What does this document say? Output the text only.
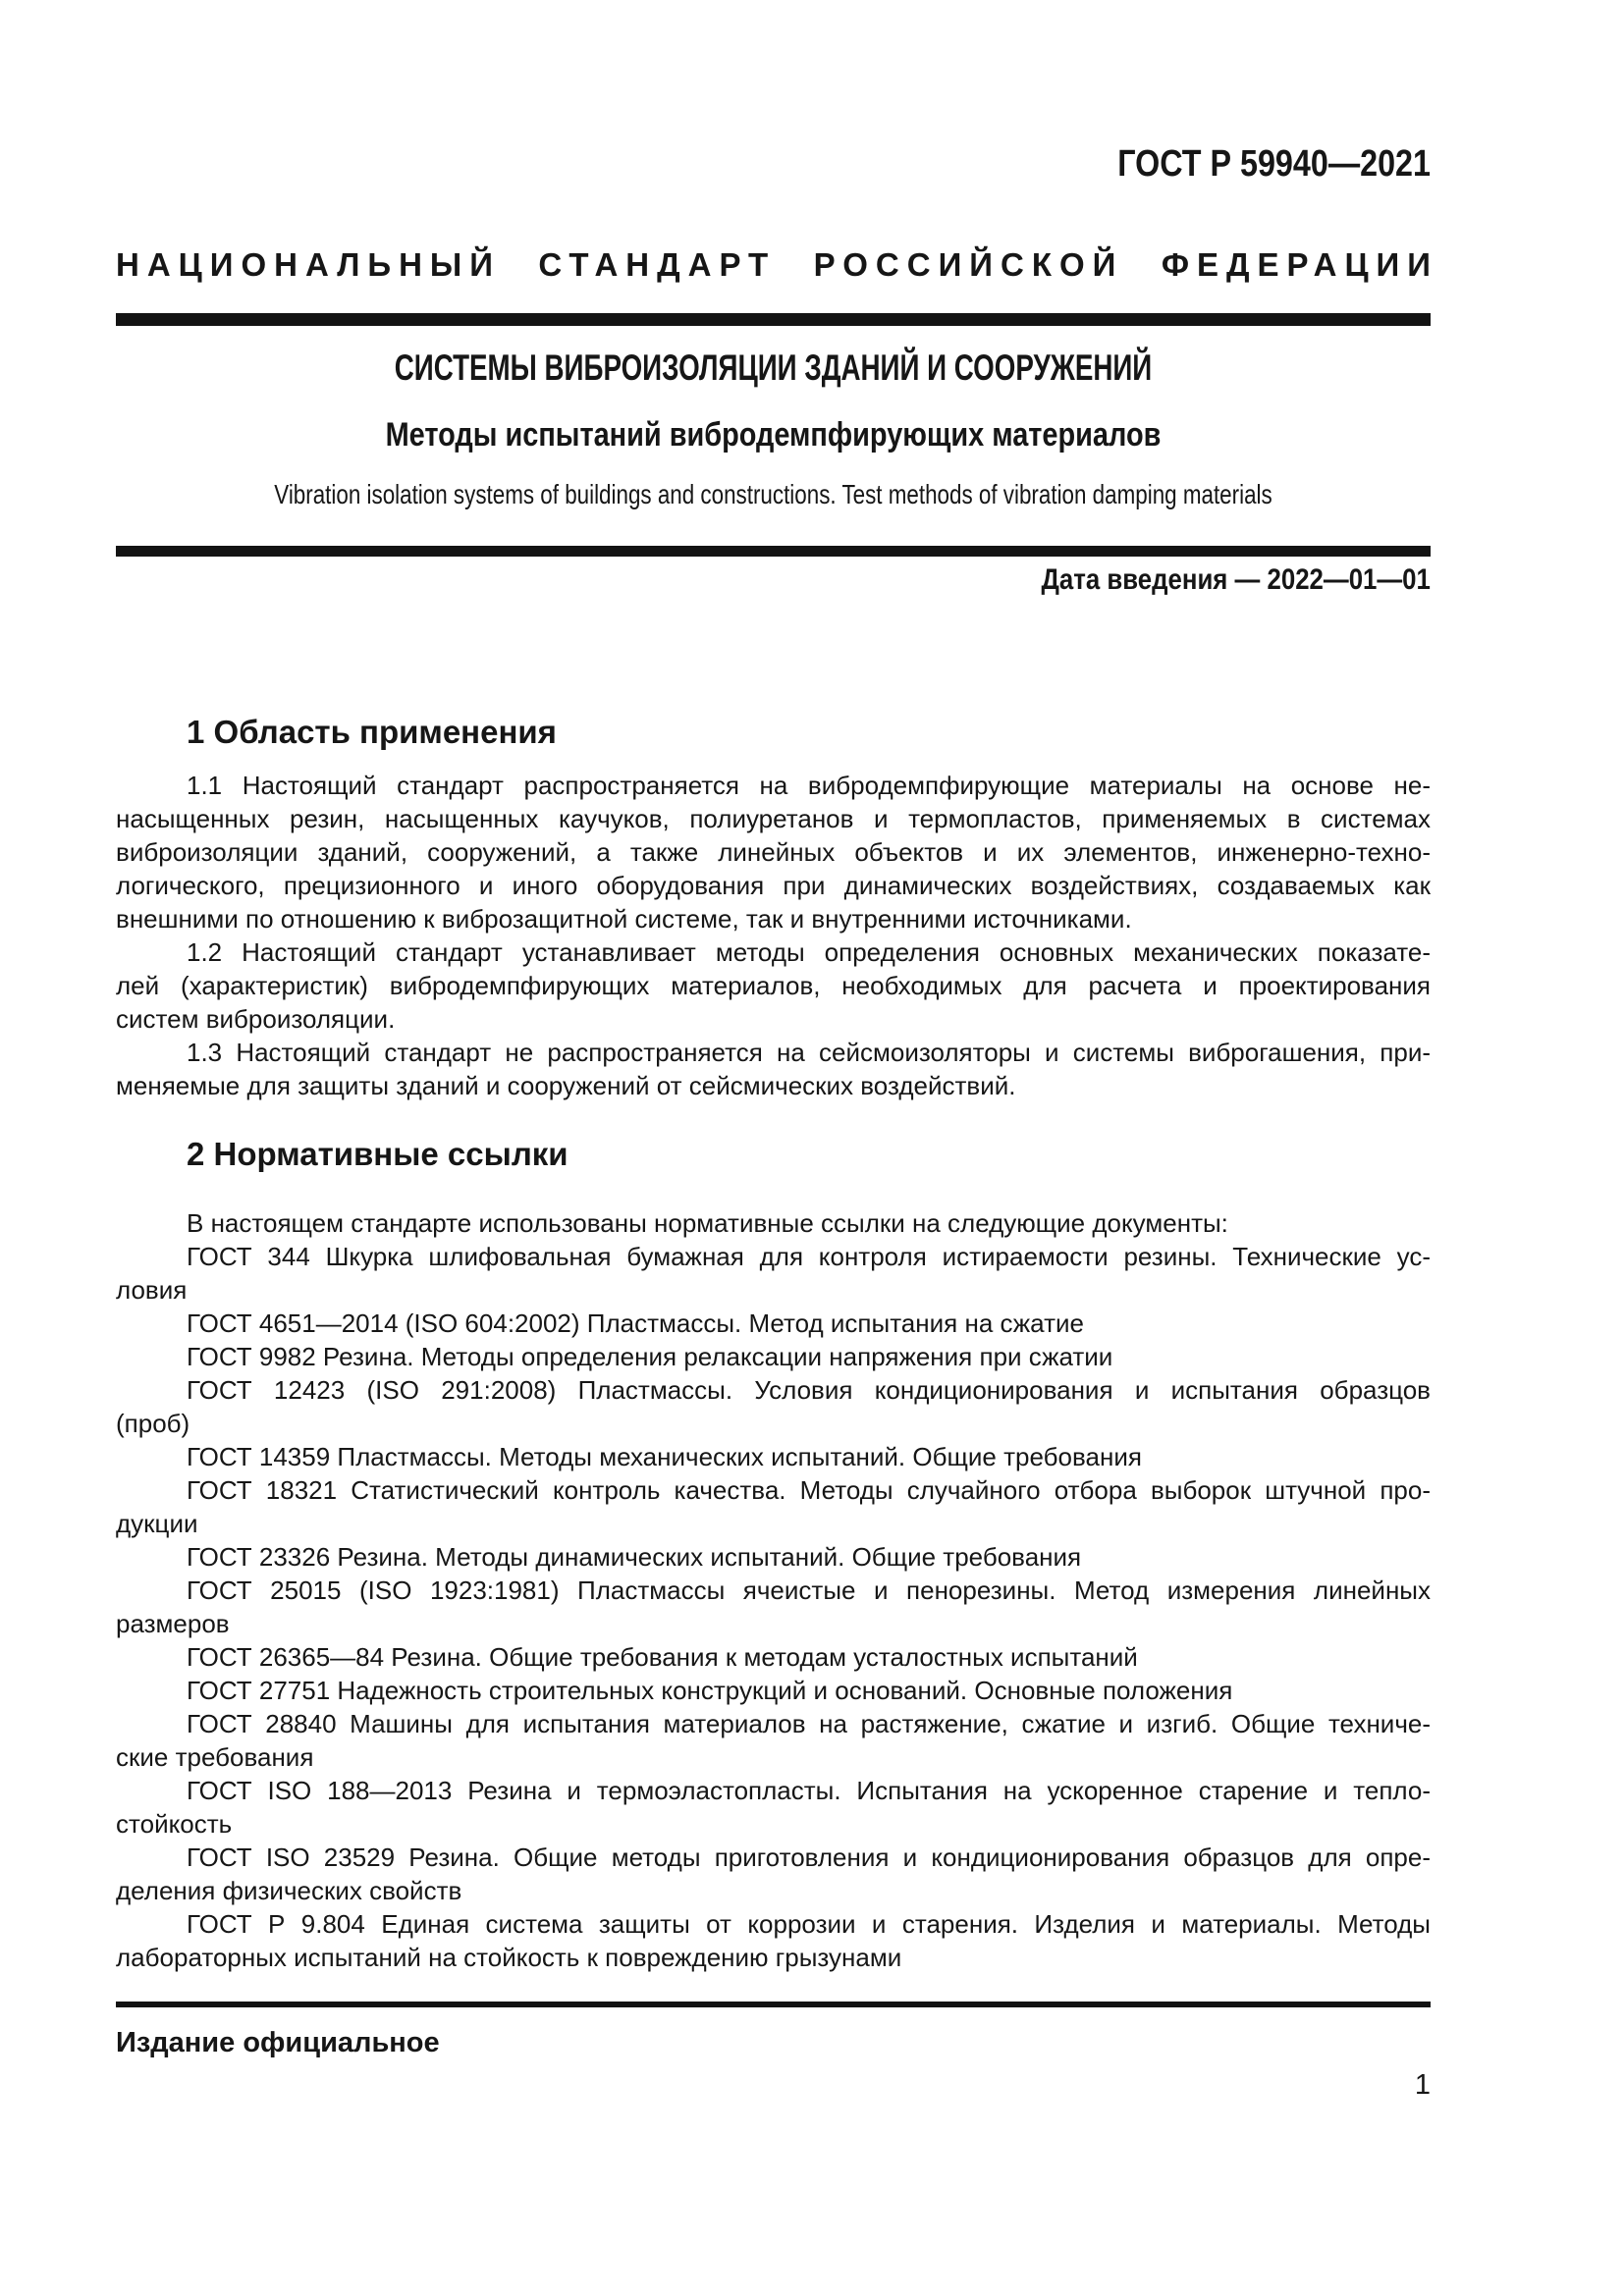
ГОСТ Р 59940—2021
НАЦИОНАЛЬНЫЙ СТАНДАРТ РОССИЙСКОЙ ФЕДЕРАЦИИ
СИСТЕМЫ ВИБРОИЗОЛЯЦИИ ЗДАНИЙ И СООРУЖЕНИЙ
Методы испытаний вибродемпфирующих материалов
Vibration isolation systems of buildings and constructions. Test methods of vibration damping materials
Дата введения — 2022—01—01
1 Область применения
1.1 Настоящий стандарт распространяется на вибродемпфирующие материалы на основе не-
насыщенных резин, насыщенных каучуков, полиуретанов и термопластов, применяемых в системах
виброизоляции зданий, сооружений, а также линейных объектов и их элементов, инженерно-техно-
логического, прецизионного и иного оборудования при динамических воздействиях, создаваемых как
внешними по отношению к виброзащитной системе, так и внутренними источниками.
1.2 Настоящий стандарт устанавливает методы определения основных механических показате-
лей (характеристик) вибродемпфирующих материалов, необходимых для расчета и проектирования
систем виброизоляции.
1.3 Настоящий стандарт не распространяется на сейсмоизоляторы и системы виброгашения, при-
меняемые для защиты зданий и сооружений от сейсмических воздействий.
2 Нормативные ссылки
В настоящем стандарте использованы нормативные ссылки на следующие документы:
ГОСТ 344 Шкурка шлифовальная бумажная для контроля истираемости резины. Технические ус-
ловия
ГОСТ 4651—2014 (ISO 604:2002) Пластмассы. Метод испытания на сжатие
ГОСТ 9982 Резина. Методы определения релаксации напряжения при сжатии
ГОСТ 12423 (ISO 291:2008) Пластмассы. Условия кондиционирования и испытания образцов
(проб)
ГОСТ 14359 Пластмассы. Методы механических испытаний. Общие требования
ГОСТ 18321 Статистический контроль качества. Методы случайного отбора выборок штучной про-
дукции
ГОСТ 23326 Резина. Методы динамических испытаний. Общие требования
ГОСТ 25015 (ISO 1923:1981) Пластмассы ячеистые и пенорезины. Метод измерения линейных
размеров
ГОСТ 26365—84 Резина. Общие требования к методам усталостных испытаний
ГОСТ 27751 Надежность строительных конструкций и оснований. Основные положения
ГОСТ 28840 Машины для испытания материалов на растяжение, сжатие и изгиб. Общие техниче-
ские требования
ГОСТ ISO 188—2013 Резина и термоэластопласты. Испытания на ускоренное старение и тепло-
стойкость
ГОСТ ISO 23529 Резина. Общие методы приготовления и кондиционирования образцов для опре-
деления физических свойств
ГОСТ Р 9.804 Единая система защиты от коррозии и старения. Изделия и материалы. Методы
лабораторных испытаний на стойкость к повреждению грызунами
Издание официальное
1
